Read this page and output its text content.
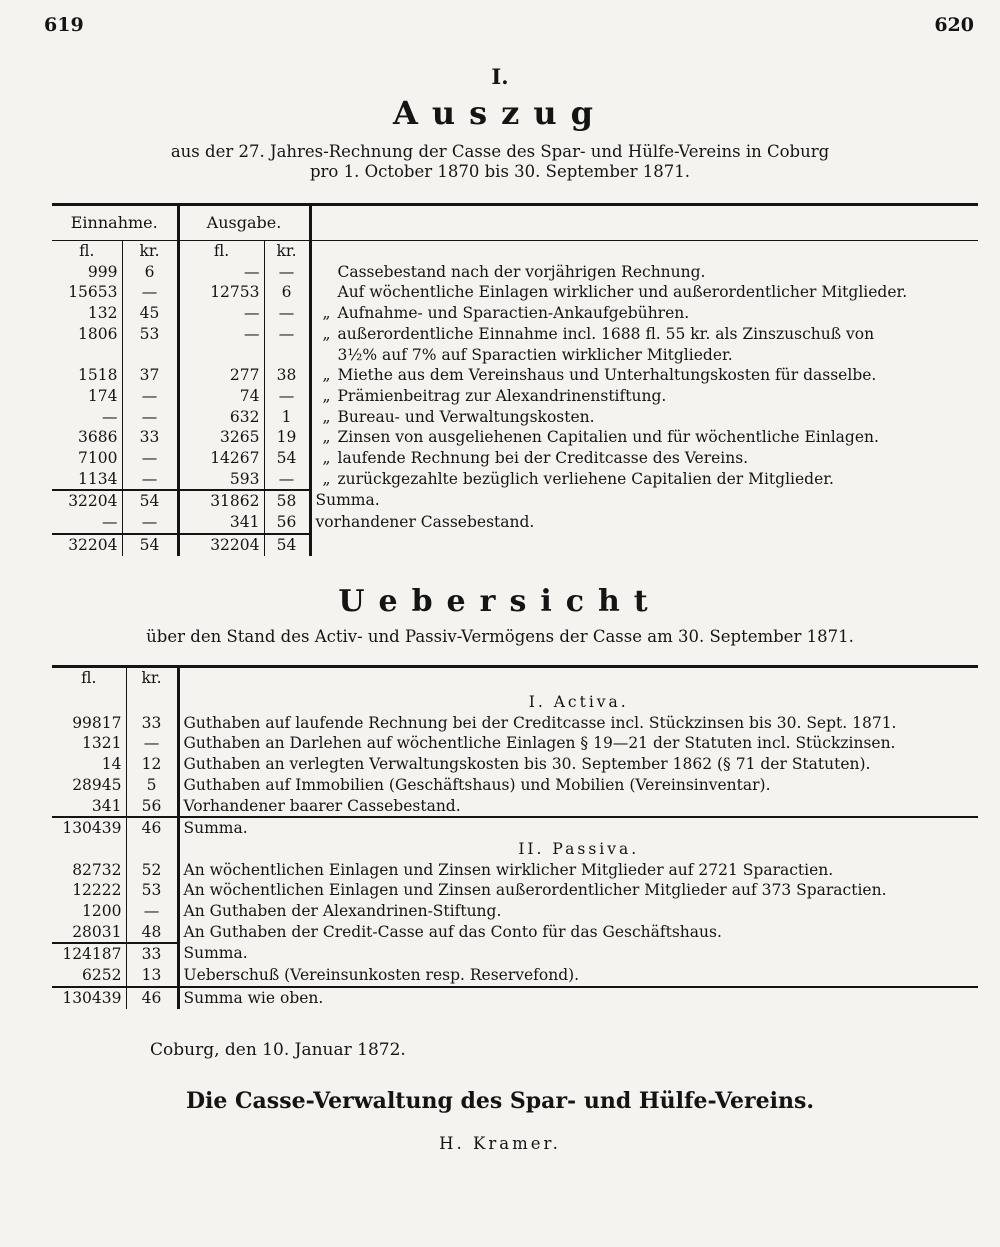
619	620
I.
Auszug
aus der 27. Jahres-Rechnung der Casse des Spar- und Hülfe-Vereins in Coburg
pro 1. October 1870 bis 30. September 1871.
Einnahme.		Ausgabe.		
fl.	kr.	fl.	kr.	
999	6	—	—	Cassebestand nach der vorjährigen Rechnung.
15653	—	12753	6	Auf wöchentliche Einlagen wirklicher und außerordentlicher Mitglieder.
132	45	—	—	„ Aufnahme- und Sparactien-Ankaufgebühren.
1806	53	—	—	„ außerordentliche Einnahme incl. 1688 fl. 55 kr. als Zinszuschuß von
				3½% auf 7% auf Sparactien wirklicher Mitglieder.
1518	37	277	38	„ Miethe aus dem Vereinshaus und Unterhaltungskosten für dasselbe.
174	—	74	—	„ Prämienbeitrag zur Alexandrinenstiftung.
—	—	632	1	„ Bureau- und Verwaltungskosten.
3686	33	3265	19	„ Zinsen von ausgeliehenen Capitalien und für wöchentliche Einlagen.
7100	—	14267	54	„ laufende Rechnung bei der Creditcasse des Vereins.
1134	—	593	—	„ zurückgezahlte bezüglich verliehene Capitalien der Mitglieder.
32204	54	31862	58	Summa.
—	—	341	56	vorhandener Cassebestand.
32204	54	32204	54	
Uebersicht
über den Stand des Activ- und Passiv-Vermögens der Casse am 30. September 1871.
fl.	kr.	
		I. Activa.
99817	33	Guthaben auf laufende Rechnung bei der Creditcasse incl. Stückzinsen bis 30. Sept. 1871.
1321	—	Guthaben an Darlehen auf wöchentliche Einlagen § 19—21 der Statuten incl. Stückzinsen.
14	12	Guthaben an verlegten Verwaltungskosten bis 30. September 1862 (§ 71 der Statuten).
28945	5	Guthaben auf Immobilien (Geschäftshaus) und Mobilien (Vereinsinventar).
341	56	Vorhandener baarer Cassebestand.
130439	46	Summa.
		II. Passiva.
82732	52	An wöchentlichen Einlagen und Zinsen wirklicher Mitglieder auf 2721 Sparactien.
12222	53	An wöchentlichen Einlagen und Zinsen außerordentlicher Mitglieder auf 373 Sparactien.
1200	—	An Guthaben der Alexandrinen-Stiftung.
28031	48	An Guthaben der Credit-Casse auf das Conto für das Geschäftshaus.
124187	33	Summa.
6252	13	Ueberschuß (Vereinsunkosten resp. Reservefond).
130439	46	Summa wie oben.
Coburg, den 10. Januar 1872.
Die Casse-Verwaltung des Spar- und Hülfe-Vereins.
H. Kramer.
